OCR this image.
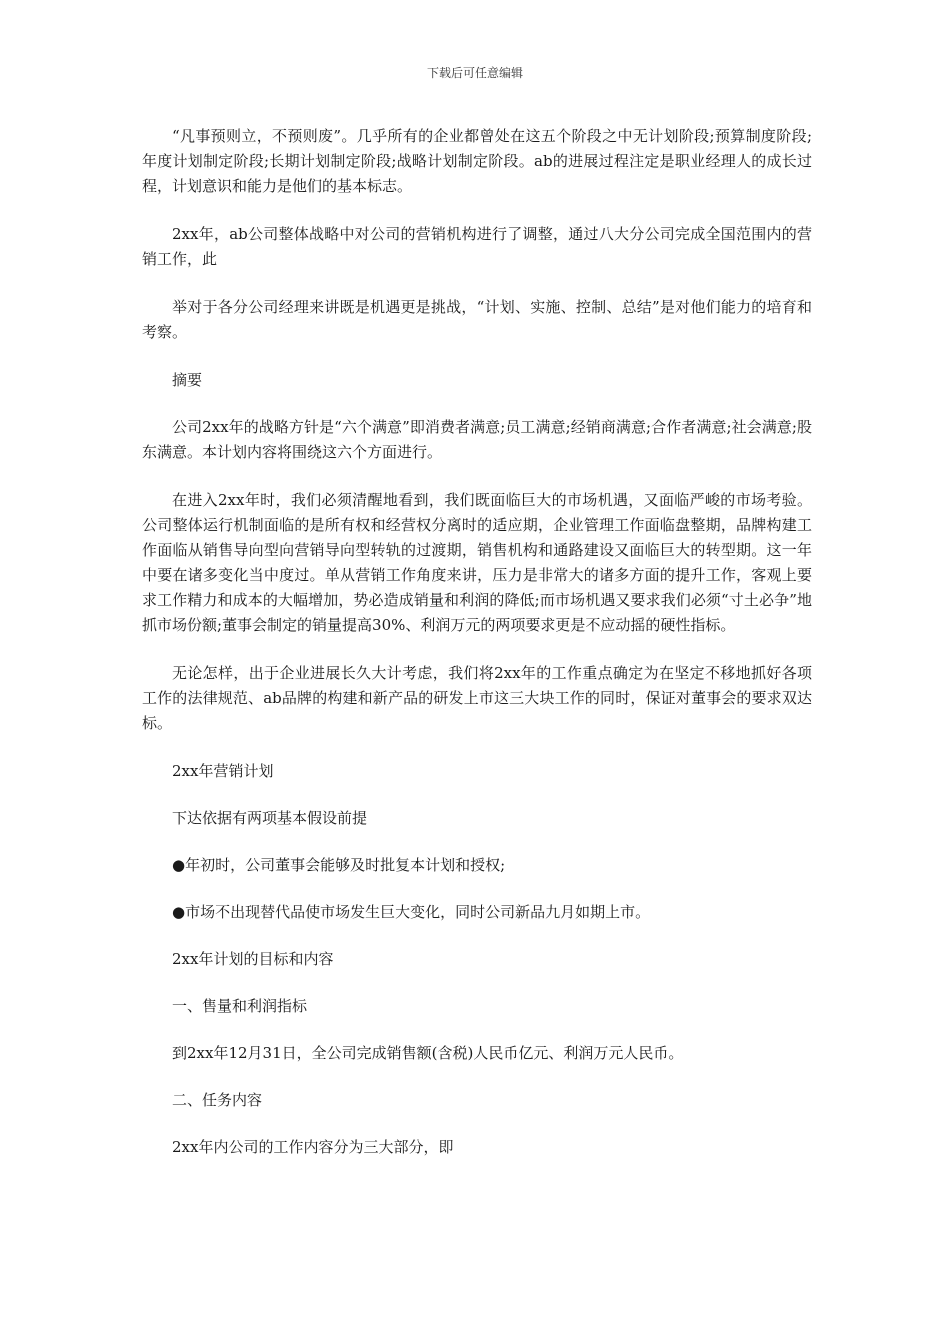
下载后可任意编辑

“凡事预则立，不预则废”。几乎所有的企业都曾处在这五个阶段之中无计划阶段;预算制度阶段;年度计划制定阶段;长期计划制定阶段;战略计划制定阶段。ab的进展过程注定是职业经理人的成长过程，计划意识和能力是他们的基本标志。

2xx年，ab公司整体战略中对公司的营销机构进行了调整，通过八大分公司完成全国范围内的营销工作，此

举对于各分公司经理来讲既是机遇更是挑战，“计划、实施、控制、总结”是对他们能力的培育和考察。

摘要

公司2xx年的战略方针是“六个满意”即消费者满意;员工满意;经销商满意;合作者满意;社会满意;股东满意。本计划内容将围绕这六个方面进行。

在进入2xx年时，我们必须清醒地看到，我们既面临巨大的市场机遇，又面临严峻的市场考验。公司整体运行机制面临的是所有权和经营权分离时的适应期，企业管理工作面临盘整期，品牌构建工作面临从销售导向型向营销导向型转轨的过渡期，销售机构和通路建设又面临巨大的转型期。这一年中要在诸多变化当中度过。单从营销工作角度来讲，压力是非常大的诸多方面的提升工作，客观上要求工作精力和成本的大幅增加，势必造成销量和利润的降低;而市场机遇又要求我们必须“寸土必争”地抓市场份额;董事会制定的销量提高30%、利润万元的两项要求更是不应动摇的硬性指标。

无论怎样，出于企业进展长久大计考虑，我们将2xx年的工作重点确定为在坚定不移地抓好各项工作的法律规范、ab品牌的构建和新产品的研发上市这三大块工作的同时，保证对董事会的要求双达标。

2xx年营销计划

下达依据有两项基本假设前提

●年初时，公司董事会能够及时批复本计划和授权;

●市场不出现替代品使市场发生巨大变化，同时公司新品九月如期上市。

2xx年计划的目标和内容

一、售量和利润指标

到2xx年12月31日，全公司完成销售额(含税)人民币亿元、利润万元人民币。

二、任务内容

2xx年内公司的工作内容分为三大部分，即
